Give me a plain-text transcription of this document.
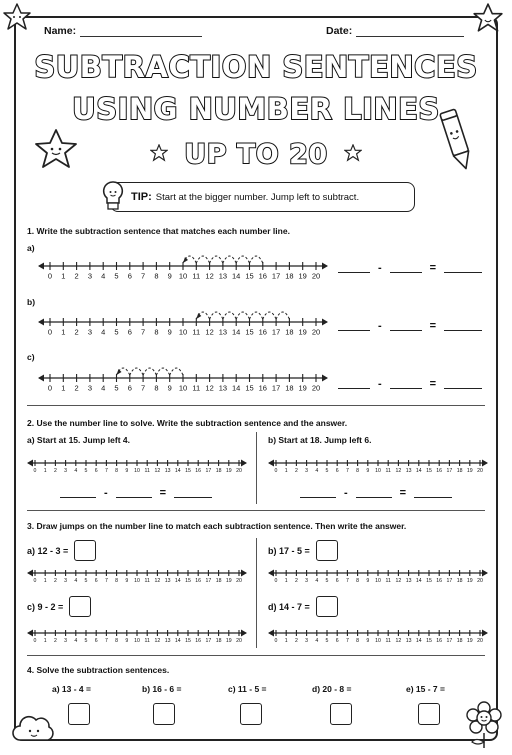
Name:	Date:
SUBTRACTION SENTENCES
USING NUMBER LINES
UP TO 20
TIP: Start at the bigger number. Jump left to subtract.
1. Write the subtraction sentence that matches each number line.
a)
0 1 2 3 4 5 6 7 8 9 10 11 12 13 14 15 16 17 18 19 20
-	=
b)
0 1 2 3 4 5 6 7 8 9 10 11 12 13 14 15 16 17 18 19 20	-	=
c)
0 1 2 3 4 5 6 7 8 9 10 11 12 13 14 15 16 17 18 19 20	-	=
2. Use the number line to solve. Write the subtraction sentence and the answer.
a) Start at 15. Jump left 4.	b) Start at 18. Jump left 6.
0 1 2 3 4 5 6 7 8 9 10 11 12 13 14 15 16 17 18 19 20	0 1 2 3 4 5 6 7 8 9 10 11 12 13 14 15 16 17 18 19 20
-	=	-	=
3. Draw jumps on the number line to match each subtraction sentence. Then write the answer.
a) 12 - 3 =	b) 17 - 5 =
0 1 2 3 4 5 6 7 8 9 10 11 12 13 14 15 16 17 18 19 20	0 1 2 3 4 5 6 7 8 9 10 11 12 13 14 15 16 17 18 19 20
c) 9 - 2 =	d) 14 - 7 =
0 1 2 3 4 5 6 7 8 9 10 11 12 13 14 15 16 17 18 19 20	0 1 2 3 4 5 6 7 8 9 10 11 12 13 14 15 16 17 18 19 20
4. Solve the subtraction sentences.
a) 13 - 4 =	b) 16 - 6 =	c) 11 - 5 =	d) 20 - 8 =	e) 15 - 7 =
